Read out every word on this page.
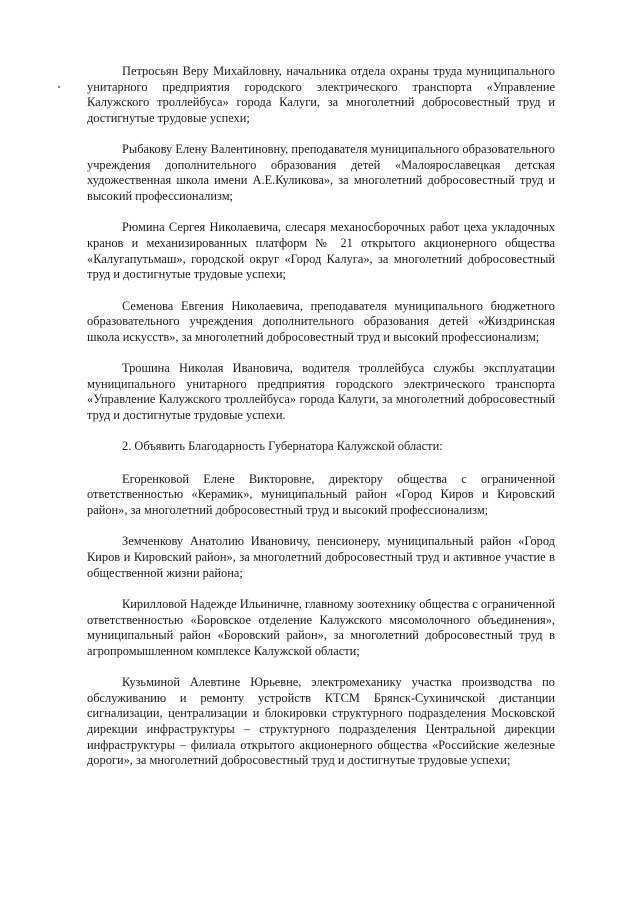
Петросьян Веру Михайловну, начальника отдела охраны труда муниципального унитарного предприятия городского электрического транспорта «Управление Калужского троллейбуса» города Калуги, за многолетний добросовестный труд и достигнутые трудовые успехи;

Рыбакову Елену Валентиновну, преподавателя муниципального образовательного учреждения дополнительного образования детей «Малоярославецкая детская художественная школа имени А.Е.Куликова», за многолетний добросовестный труд и высокий профессионализм;

Рюмина Сергея Николаевича, слесаря механосборочных работ цеха укладочных кранов и механизированных платформ № 21 открытого акционерного общества «Калугапутьмаш», городской округ «Город Калуга», за многолетний добросовестный труд и достигнутые трудовые успехи;

Семенова Евгения Николаевича, преподавателя муниципального бюджетного образовательного учреждения дополнительного образования детей «Жиздринская школа искусств», за многолетний добросовестный труд и высокий профессионализм;

Трошина Николая Ивановича, водителя троллейбуса службы эксплуатации муниципального унитарного предприятия городского электрического транспорта «Управление Калужского троллейбуса» города Калуги, за многолетний добросовестный труд и достигнутые трудовые успехи.

2. Объявить Благодарность Губернатора Калужской области:

Егоренковой Елене Викторовне, директору общества с ограниченной ответственностью «Керамик», муниципальный район «Город Киров и Кировский район», за многолетний добросовестный труд и высокий профессионализм;

Земченкову Анатолию Ивановичу, пенсионеру, муниципальный район «Город Киров и Кировский район», за многолетний добросовестный труд и активное участие в общественной жизни района;

Кирилловой Надежде Ильиничне, главному зоотехнику общества с ограниченной ответственностью «Боровское отделение Калужского мясомолочного объединения», муниципальный район «Боровский район», за многолетний добросовестный труд в агропромышленном комплексе Калужской области;

Кузьминой Алевтине Юрьевне, электромеханику участка производства по обслуживанию и ремонту устройств КТСМ Брянск-Сухиничской дистанции сигнализации, централизации и блокировки структурного подразделения Московской дирекции инфраструктуры – структурного подразделения Центральной дирекции инфраструктуры – филиала открытого акционерного общества «Российские железные дороги», за многолетний добросовестный труд и достигнутые трудовые успехи;
